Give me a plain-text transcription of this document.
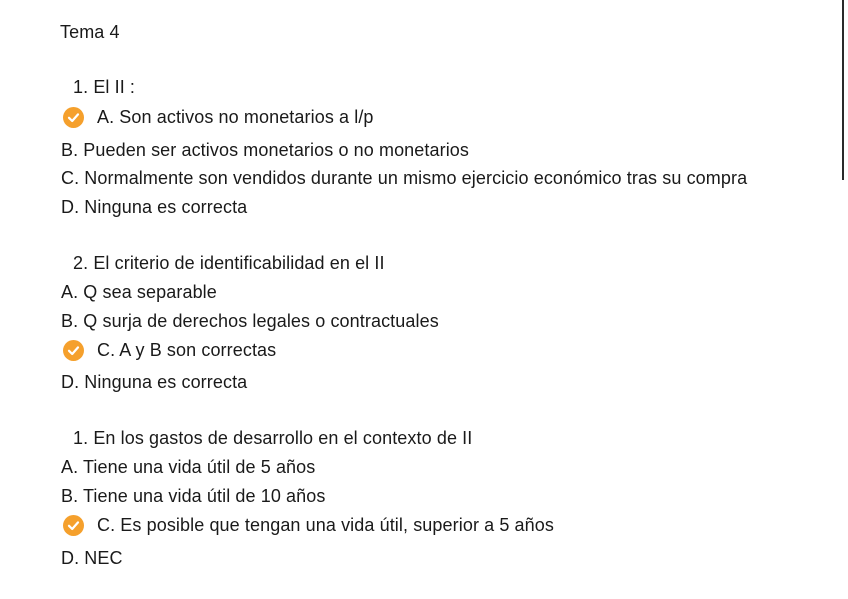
Tema 4
1. El II :
A. Son activos no monetarios a l/p
B. Pueden ser activos monetarios o no monetarios
C. Normalmente son vendidos durante un mismo ejercicio económico tras su compra
D. Ninguna es correcta
2. El criterio de identificabilidad en el II
A. Q sea separable
B. Q surja de derechos legales o contractuales
C. A y B son correctas
D. Ninguna es correcta
1. En los gastos de desarrollo en el contexto de II
A. Tiene una vida útil de 5 años
B. Tiene una vida útil de 10 años
C. Es posible que tengan una vida útil, superior a 5 años
D. NEC
